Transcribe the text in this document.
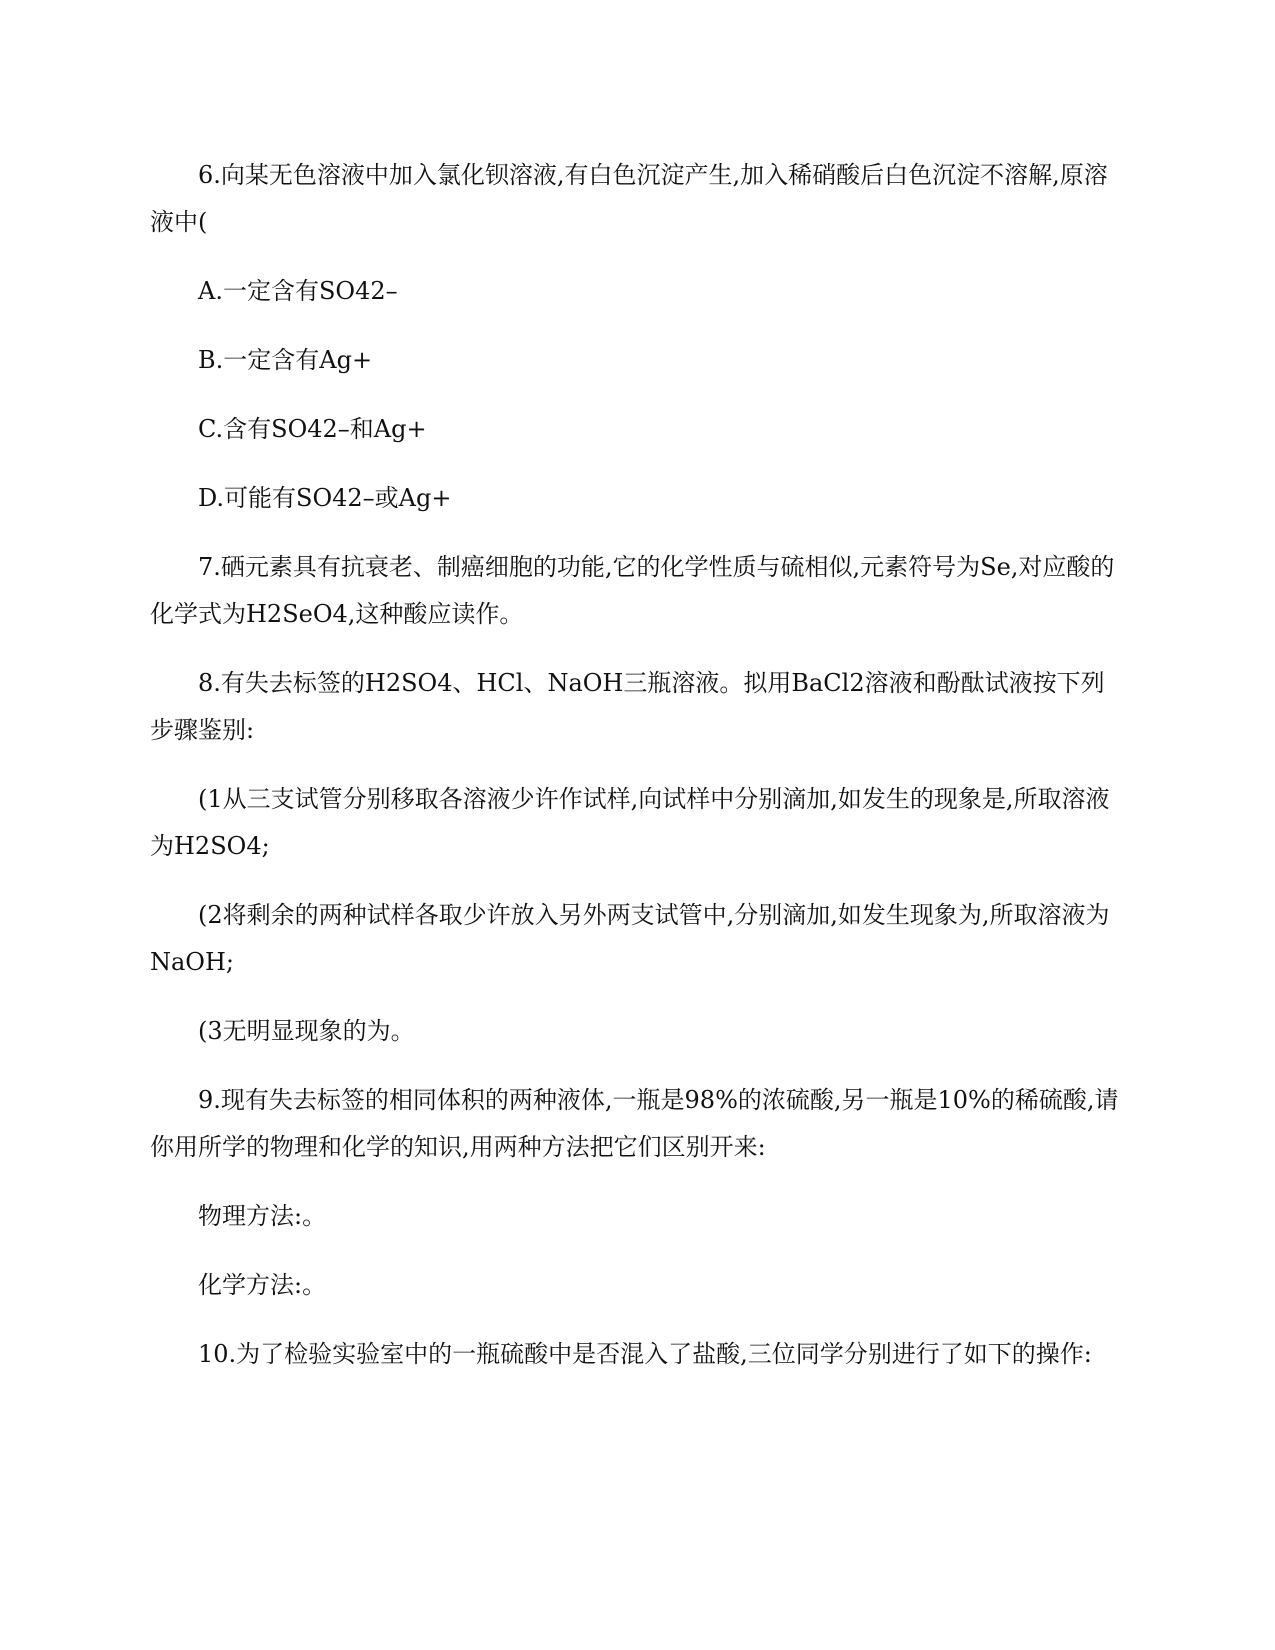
6.向某无色溶液中加入氯化钡溶液,有白色沉淀产生,加入稀硝酸后白色沉淀不溶解,原溶液中(

A.一定含有SO42–

B.一定含有Ag+

C.含有SO42–和Ag+

D.可能有SO42–或Ag+

7.硒元素具有抗衰老、制癌细胞的功能,它的化学性质与硫相似,元素符号为Se,对应酸的化学式为H2SeO4,这种酸应读作。

8.有失去标签的H2SO4、HCl、NaOH三瓶溶液。拟用BaCl2溶液和酚酞试液按下列步骤鉴别:

(1从三支试管分别移取各溶液少许作试样,向试样中分别滴加,如发生的现象是,所取溶液为H2SO4;

(2将剩余的两种试样各取少许放入另外两支试管中,分别滴加,如发生现象为,所取溶液为NaOH;

(3无明显现象的为。

9.现有失去标签的相同体积的两种液体,一瓶是98%的浓硫酸,另一瓶是10%的稀硫酸,请你用所学的物理和化学的知识,用两种方法把它们区别开来:

物理方法:。

化学方法:。

10.为了检验实验室中的一瓶硫酸中是否混入了盐酸,三位同学分别进行了如下的操作:
